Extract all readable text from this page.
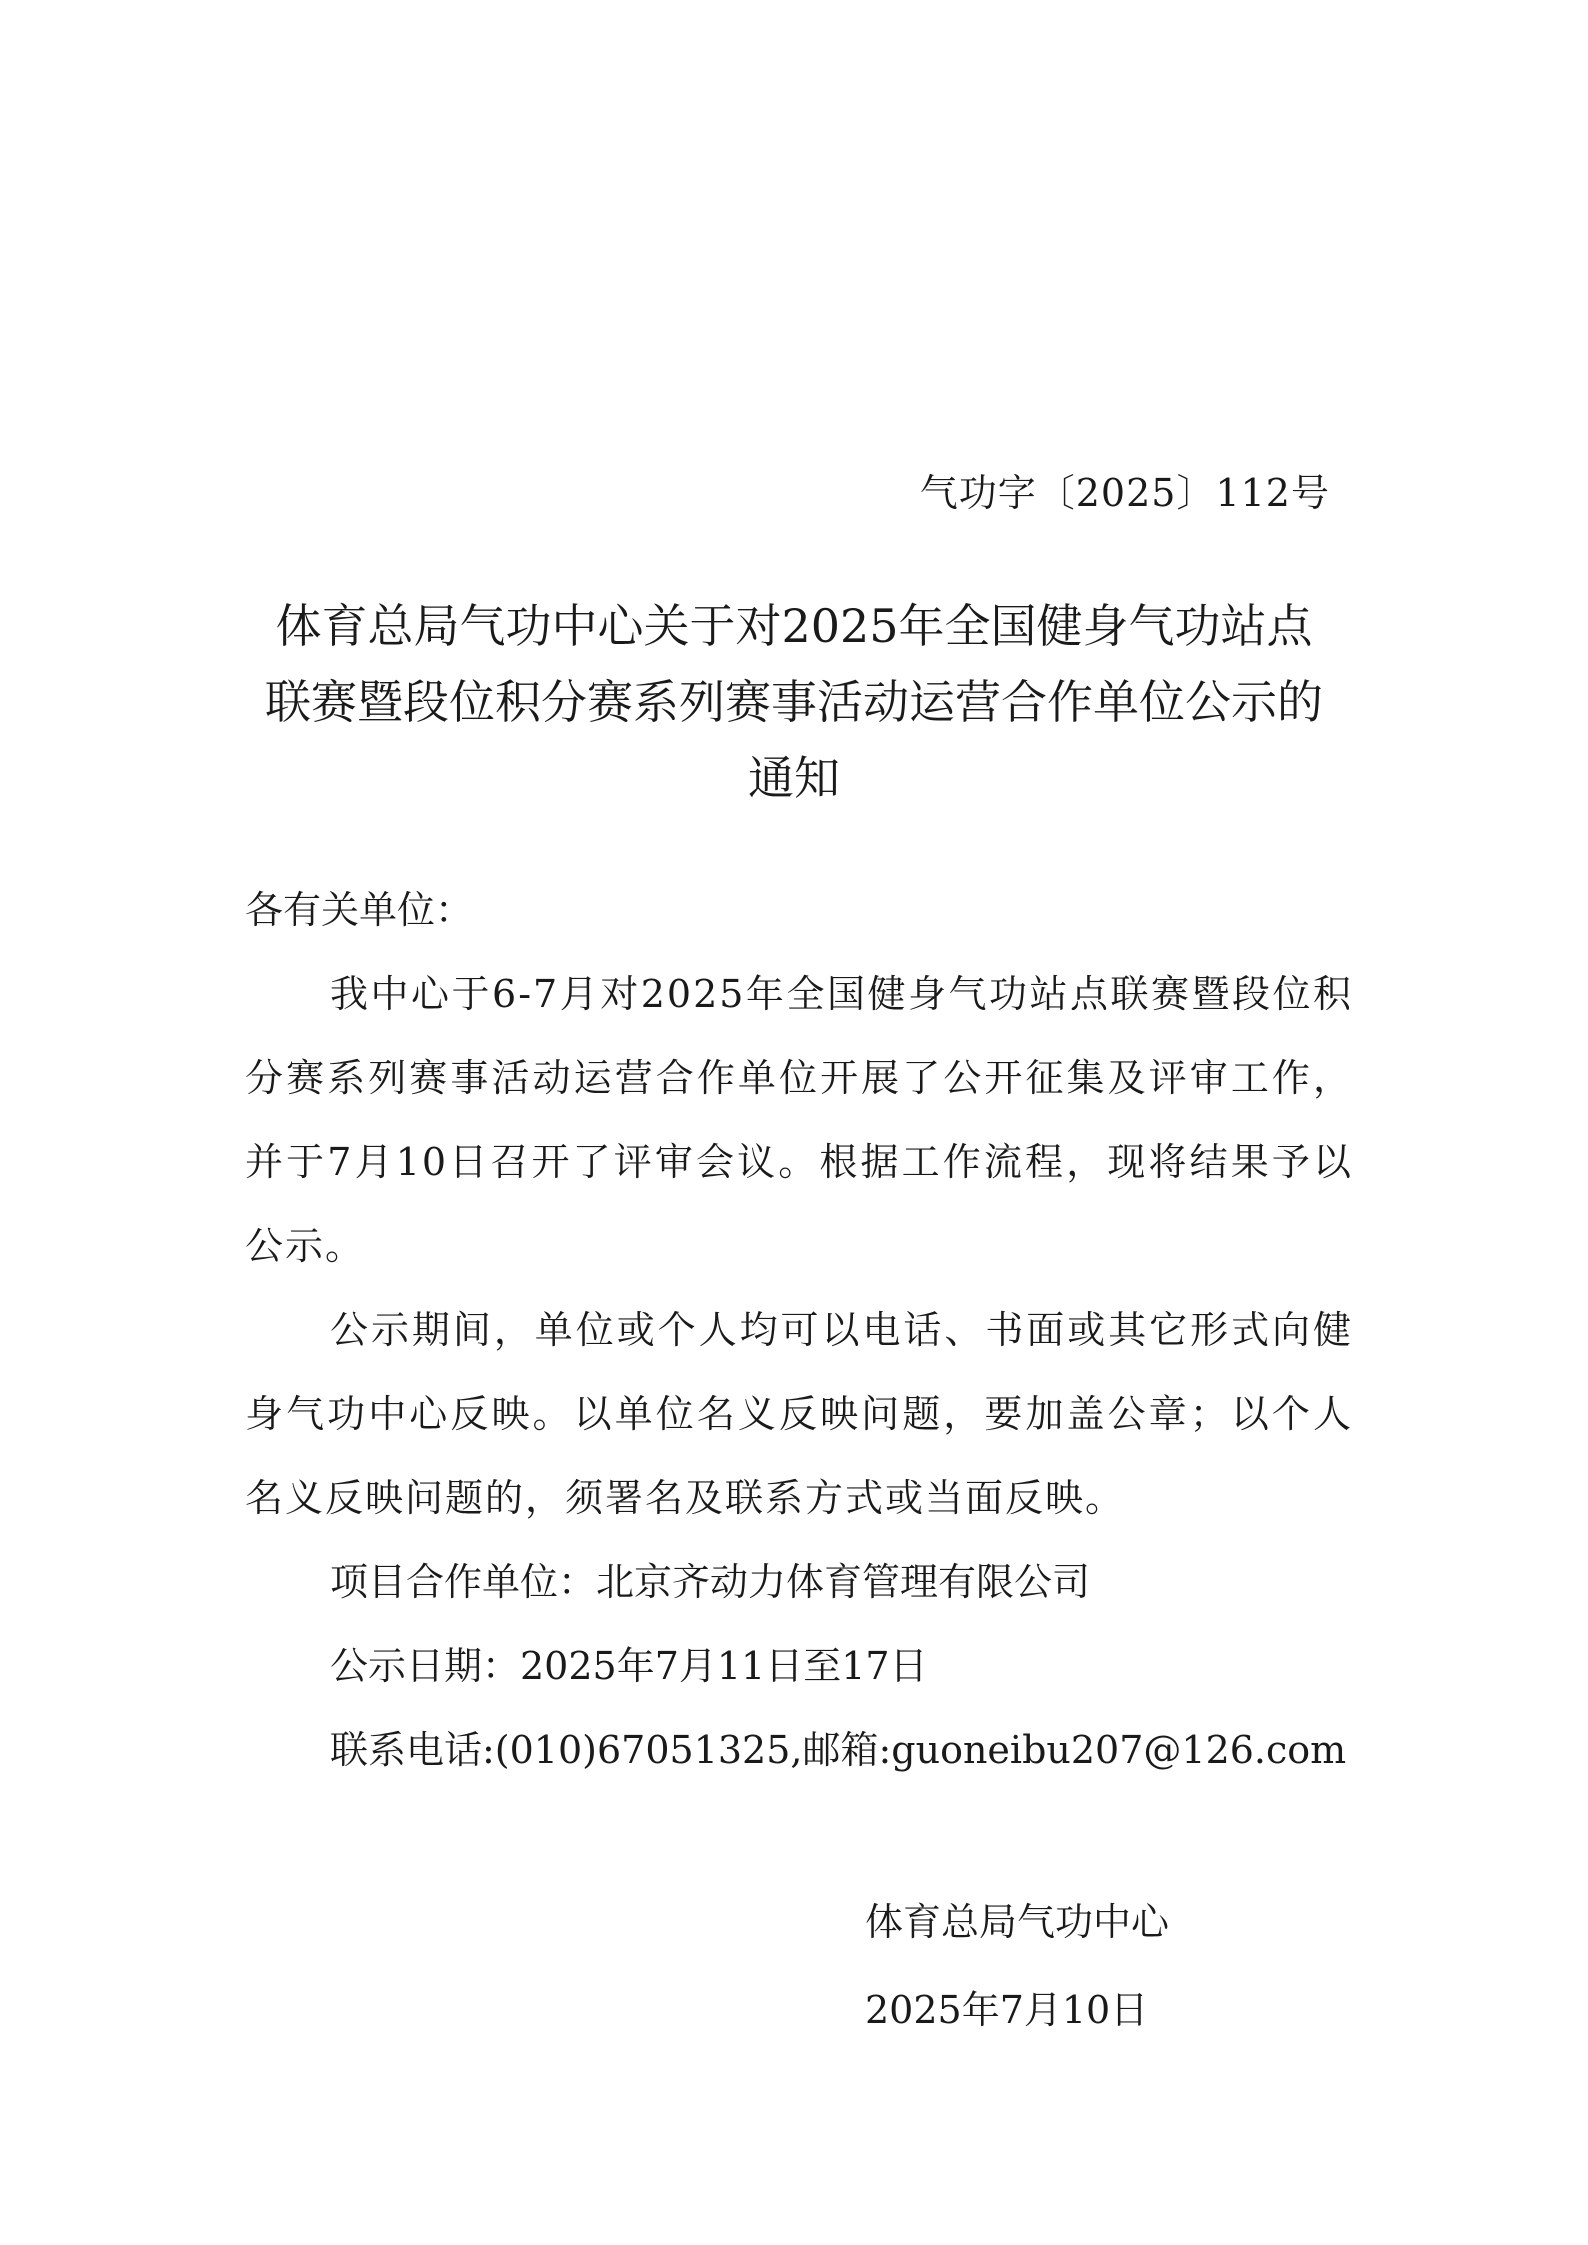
气功字〔2025〕112号
体育总局气功中心关于对2025年全国健身气功站点
联赛暨段位积分赛系列赛事活动运营合作单位公示的
通知
各有关单位：

我中心于6-7月对2025年全国健身气功站点联赛暨段位积分赛系列赛事活动运营合作单位开展了公开征集及评审工作，并于7月10日召开了评审会议。根据工作流程，现将结果予以公示。

公示期间，单位或个人均可以电话、书面或其它形式向健身气功中心反映。以单位名义反映问题，要加盖公章；以个人名义反映问题的，须署名及联系方式或当面反映。

项目合作单位：北京齐动力体育管理有限公司
公示日期：2025年7月11日至17日
联系电话:(010)67051325,邮箱:guoneibu207@126.com
体育总局气功中心
2025年7月10日
